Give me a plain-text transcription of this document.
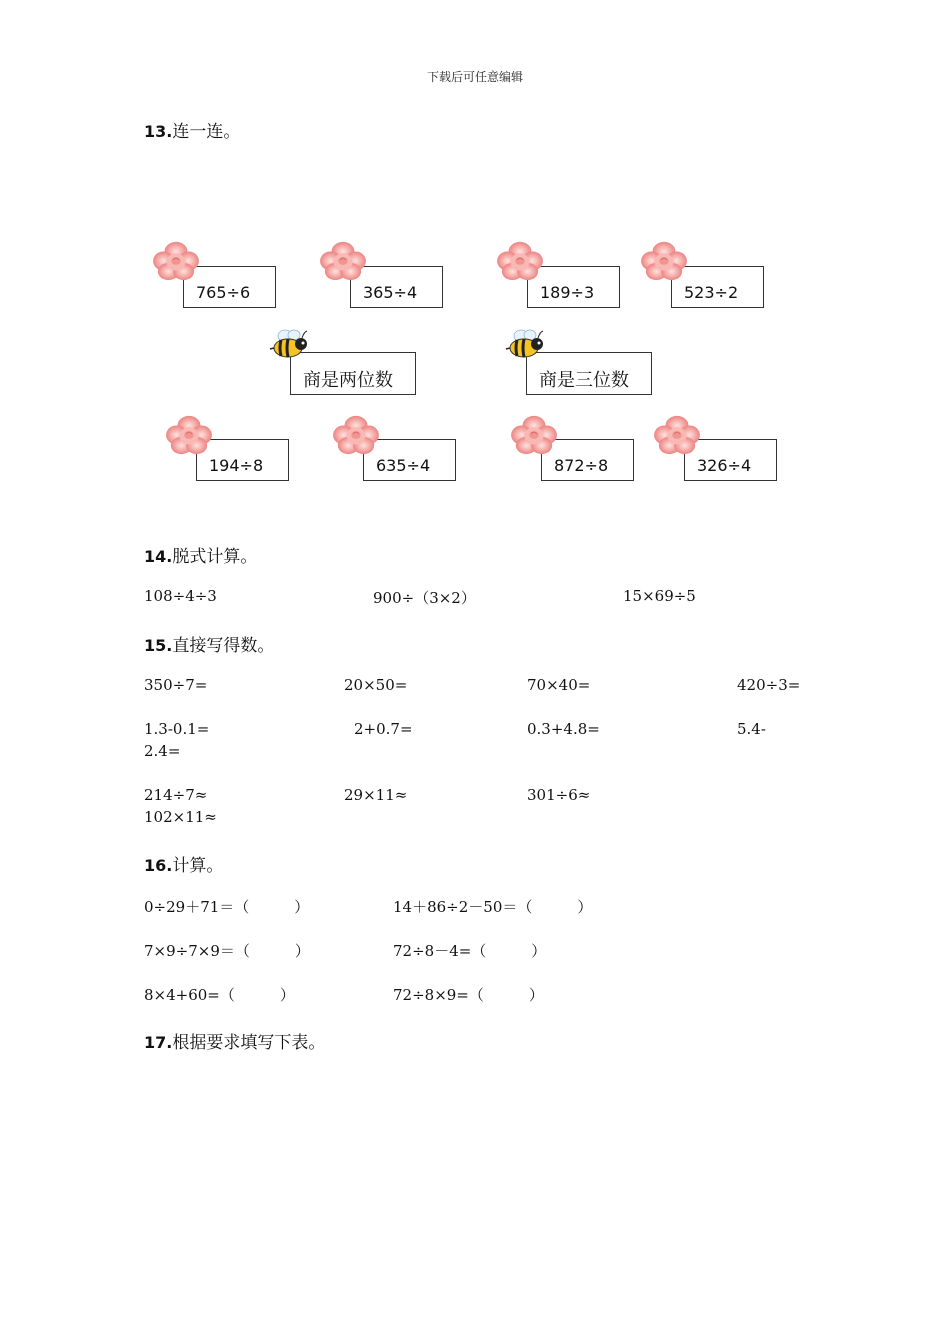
下载后可任意编辑
13.连一连。
765÷6	365÷4	189÷3	523÷2
商是两位数	商是三位数
194÷8	635÷4	872÷8	326÷4
14.脱式计算。
108÷4÷3	900÷（3×2）	15×69÷5
15.直接写得数。
350÷7=	20×50=	70×40=	420÷3=
1.3-0.1=	2+0.7=	0.3+4.8=	5.4-
2.4=
214÷7≈	29×11≈	301÷6≈
102×11≈
16.计算。
0÷29＋71＝（　　　）	14＋86÷2－50＝（　　　）
7×9÷7×9＝（　　　）	72÷8－4=（　　　）
8×4+60=（　　　）	72÷8×9=（　　　）
17.根据要求填写下表。
